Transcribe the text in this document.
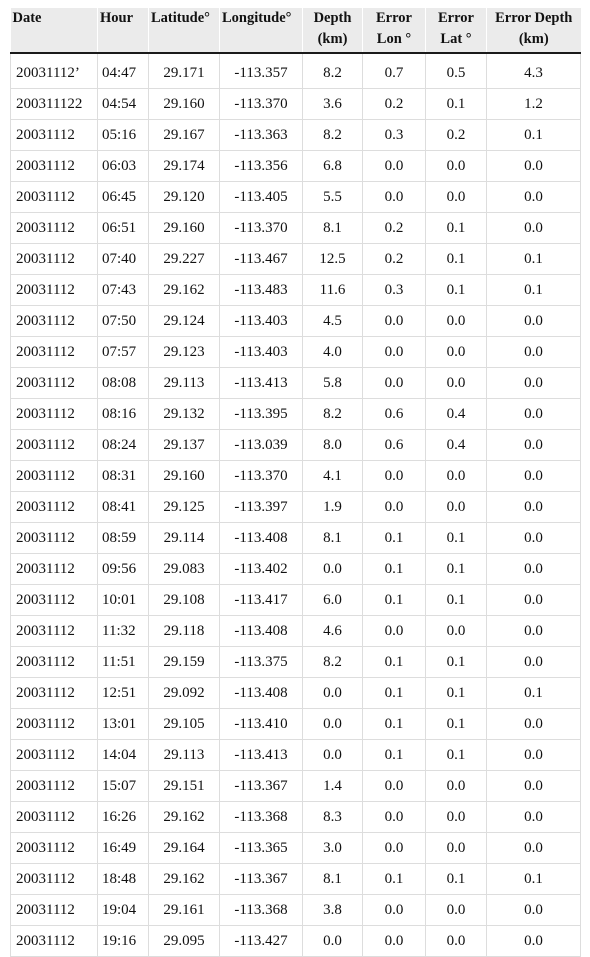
Date	Hour	Latitude°	Longitude°	Depth (km)	Error Lon °	Error Lat °	Error Depth (km)
20031112’	04:47	29.171	-113.357	8.2	0.7	0.5	4.3
200311122	04:54	29.160	-113.370	3.6	0.2	0.1	1.2
20031112	05:16	29.167	-113.363	8.2	0.3	0.2	0.1
20031112	06:03	29.174	-113.356	6.8	0.0	0.0	0.0
20031112	06:45	29.120	-113.405	5.5	0.0	0.0	0.0
20031112	06:51	29.160	-113.370	8.1	0.2	0.1	0.0
20031112	07:40	29.227	-113.467	12.5	0.2	0.1	0.1
20031112	07:43	29.162	-113.483	11.6	0.3	0.1	0.1
20031112	07:50	29.124	-113.403	4.5	0.0	0.0	0.0
20031112	07:57	29.123	-113.403	4.0	0.0	0.0	0.0
20031112	08:08	29.113	-113.413	5.8	0.0	0.0	0.0
20031112	08:16	29.132	-113.395	8.2	0.6	0.4	0.0
20031112	08:24	29.137	-113.039	8.0	0.6	0.4	0.0
20031112	08:31	29.160	-113.370	4.1	0.0	0.0	0.0
20031112	08:41	29.125	-113.397	1.9	0.0	0.0	0.0
20031112	08:59	29.114	-113.408	8.1	0.1	0.1	0.0
20031112	09:56	29.083	-113.402	0.0	0.1	0.1	0.0
20031112	10:01	29.108	-113.417	6.0	0.1	0.1	0.0
20031112	11:32	29.118	-113.408	4.6	0.0	0.0	0.0
20031112	11:51	29.159	-113.375	8.2	0.1	0.1	0.0
20031112	12:51	29.092	-113.408	0.0	0.1	0.1	0.1
20031112	13:01	29.105	-113.410	0.0	0.1	0.1	0.0
20031112	14:04	29.113	-113.413	0.0	0.1	0.1	0.0
20031112	15:07	29.151	-113.367	1.4	0.0	0.0	0.0
20031112	16:26	29.162	-113.368	8.3	0.0	0.0	0.0
20031112	16:49	29.164	-113.365	3.0	0.0	0.0	0.0
20031112	18:48	29.162	-113.367	8.1	0.1	0.1	0.1
20031112	19:04	29.161	-113.368	3.8	0.0	0.0	0.0
20031112	19:16	29.095	-113.427	0.0	0.0	0.0	0.0
